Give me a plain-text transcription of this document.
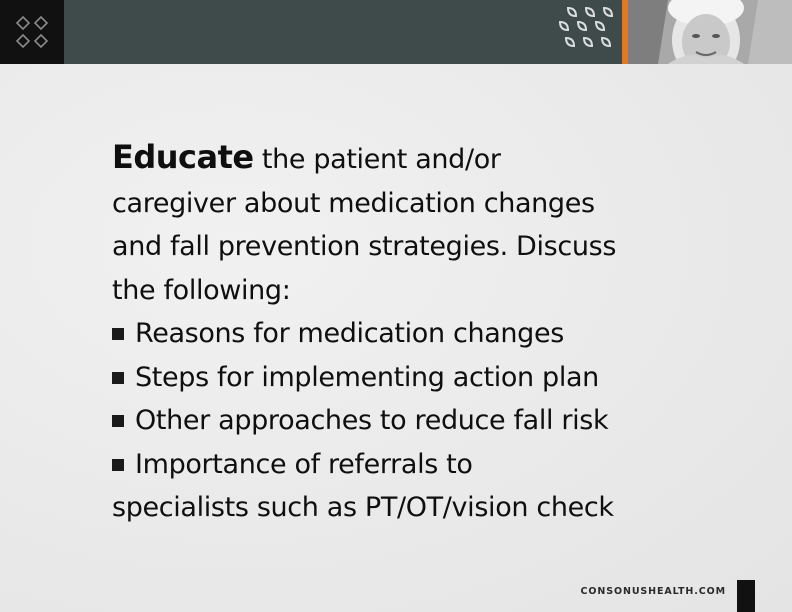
Educate the patient and/or
caregiver about medication changes
and fall prevention strategies. Discuss
the following:
Reasons for medication changes
Steps for implementing action plan
Other approaches to reduce fall risk
Importance of referrals to
specialists such as PT/OT/vision check
CONSONUSHEALTH.COM
